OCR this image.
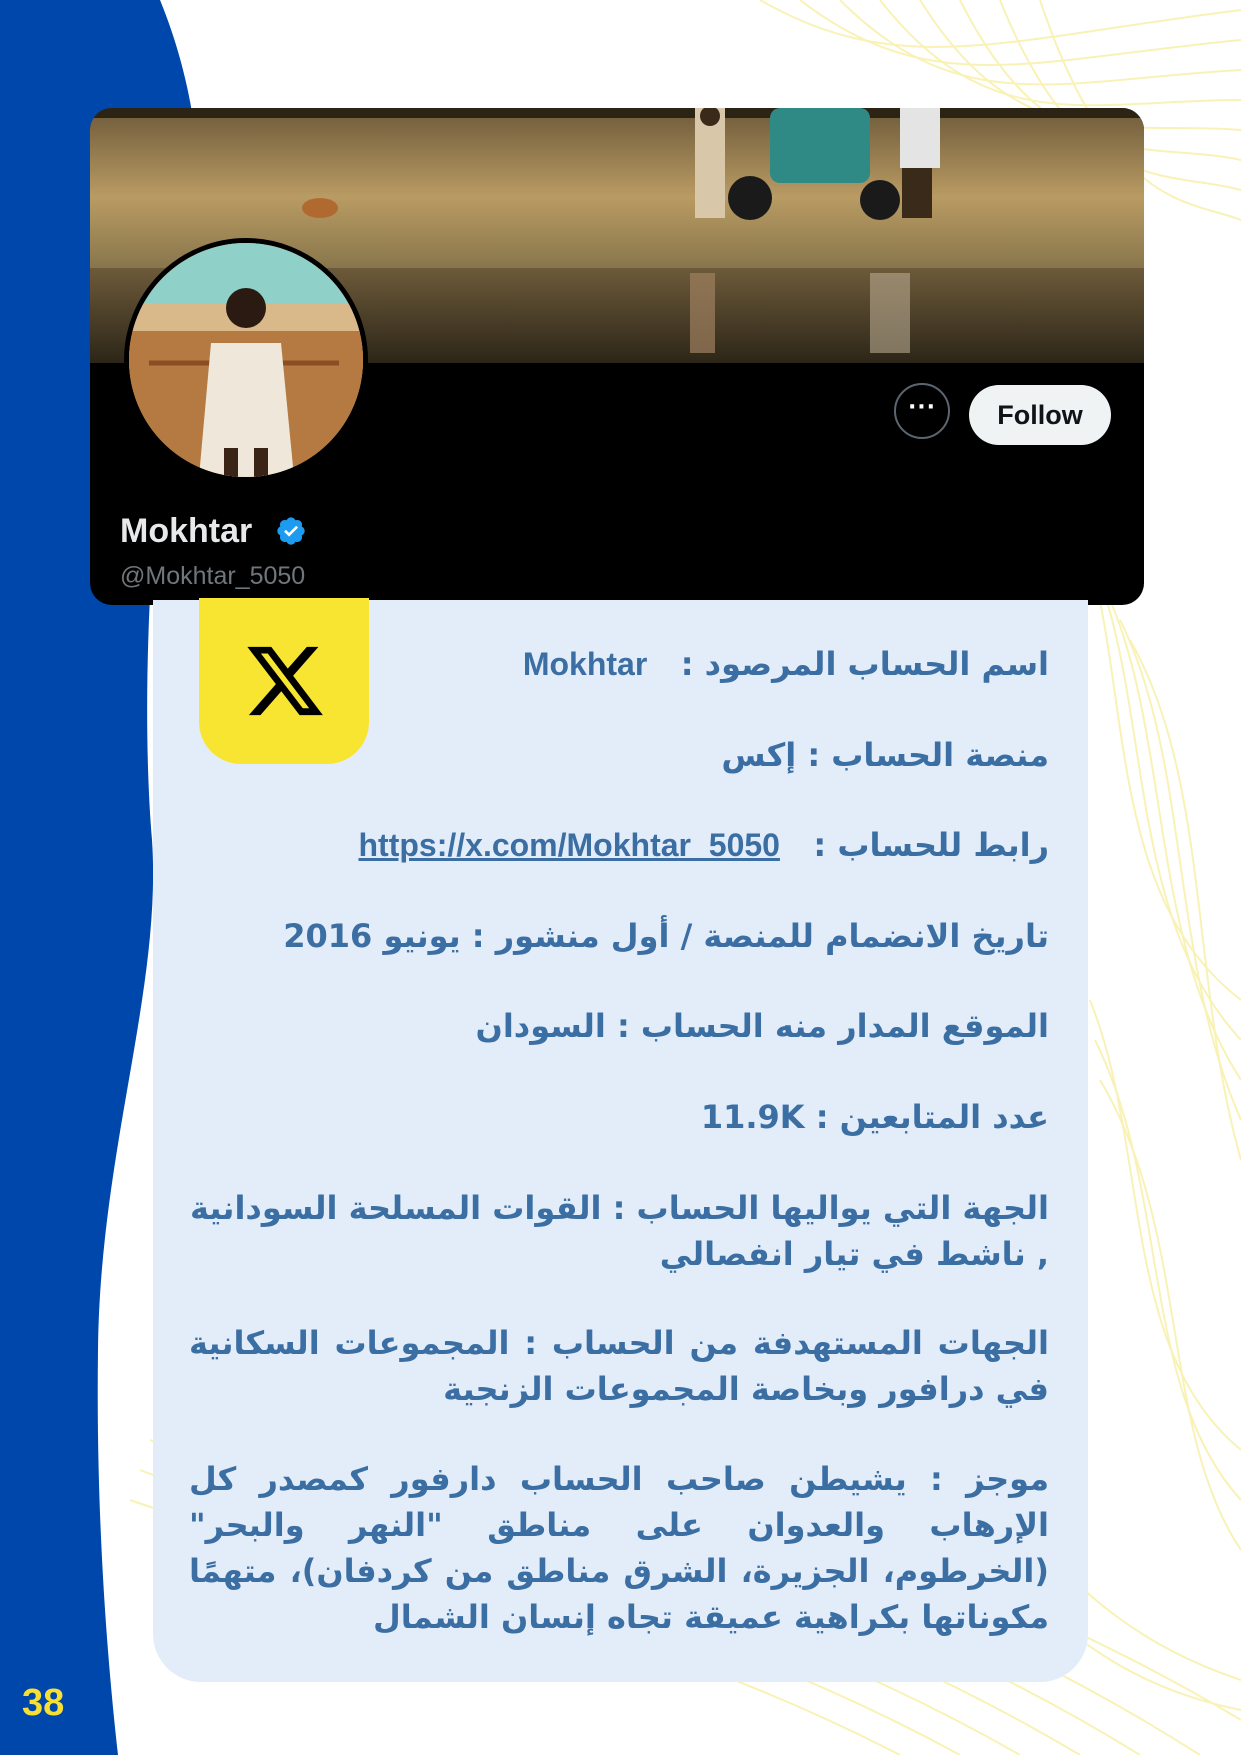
38
···	Follow
Mokhtar
@Mokhtar_5050
اسم الحساب المرصود :   Mokhtar
منصة الحساب : إكس
رابط للحساب :   https://x.com/Mokhtar_5050
تاريخ الانضمام للمنصة / أول منشور : يونيو 2016
الموقع المدار منه الحساب : السودان
عدد المتابعين : 11.9K
الجهة التي يواليها الحساب : القوات المسلحة السودانية , ناشط في تيار انفصالي
الجهات المستهدفة من الحساب : المجموعات السكانية في درافور وبخاصة المجموعات الزنجية
موجز : يشيطن صاحب الحساب دارفور كمصدر كل الإرهاب والعدوان على مناطق "النهر والبحر" (الخرطوم، الجزيرة، الشرق مناطق من كردفان)، متهمًا مكوناتها بكراهية عميقة تجاه إنسان الشمال
